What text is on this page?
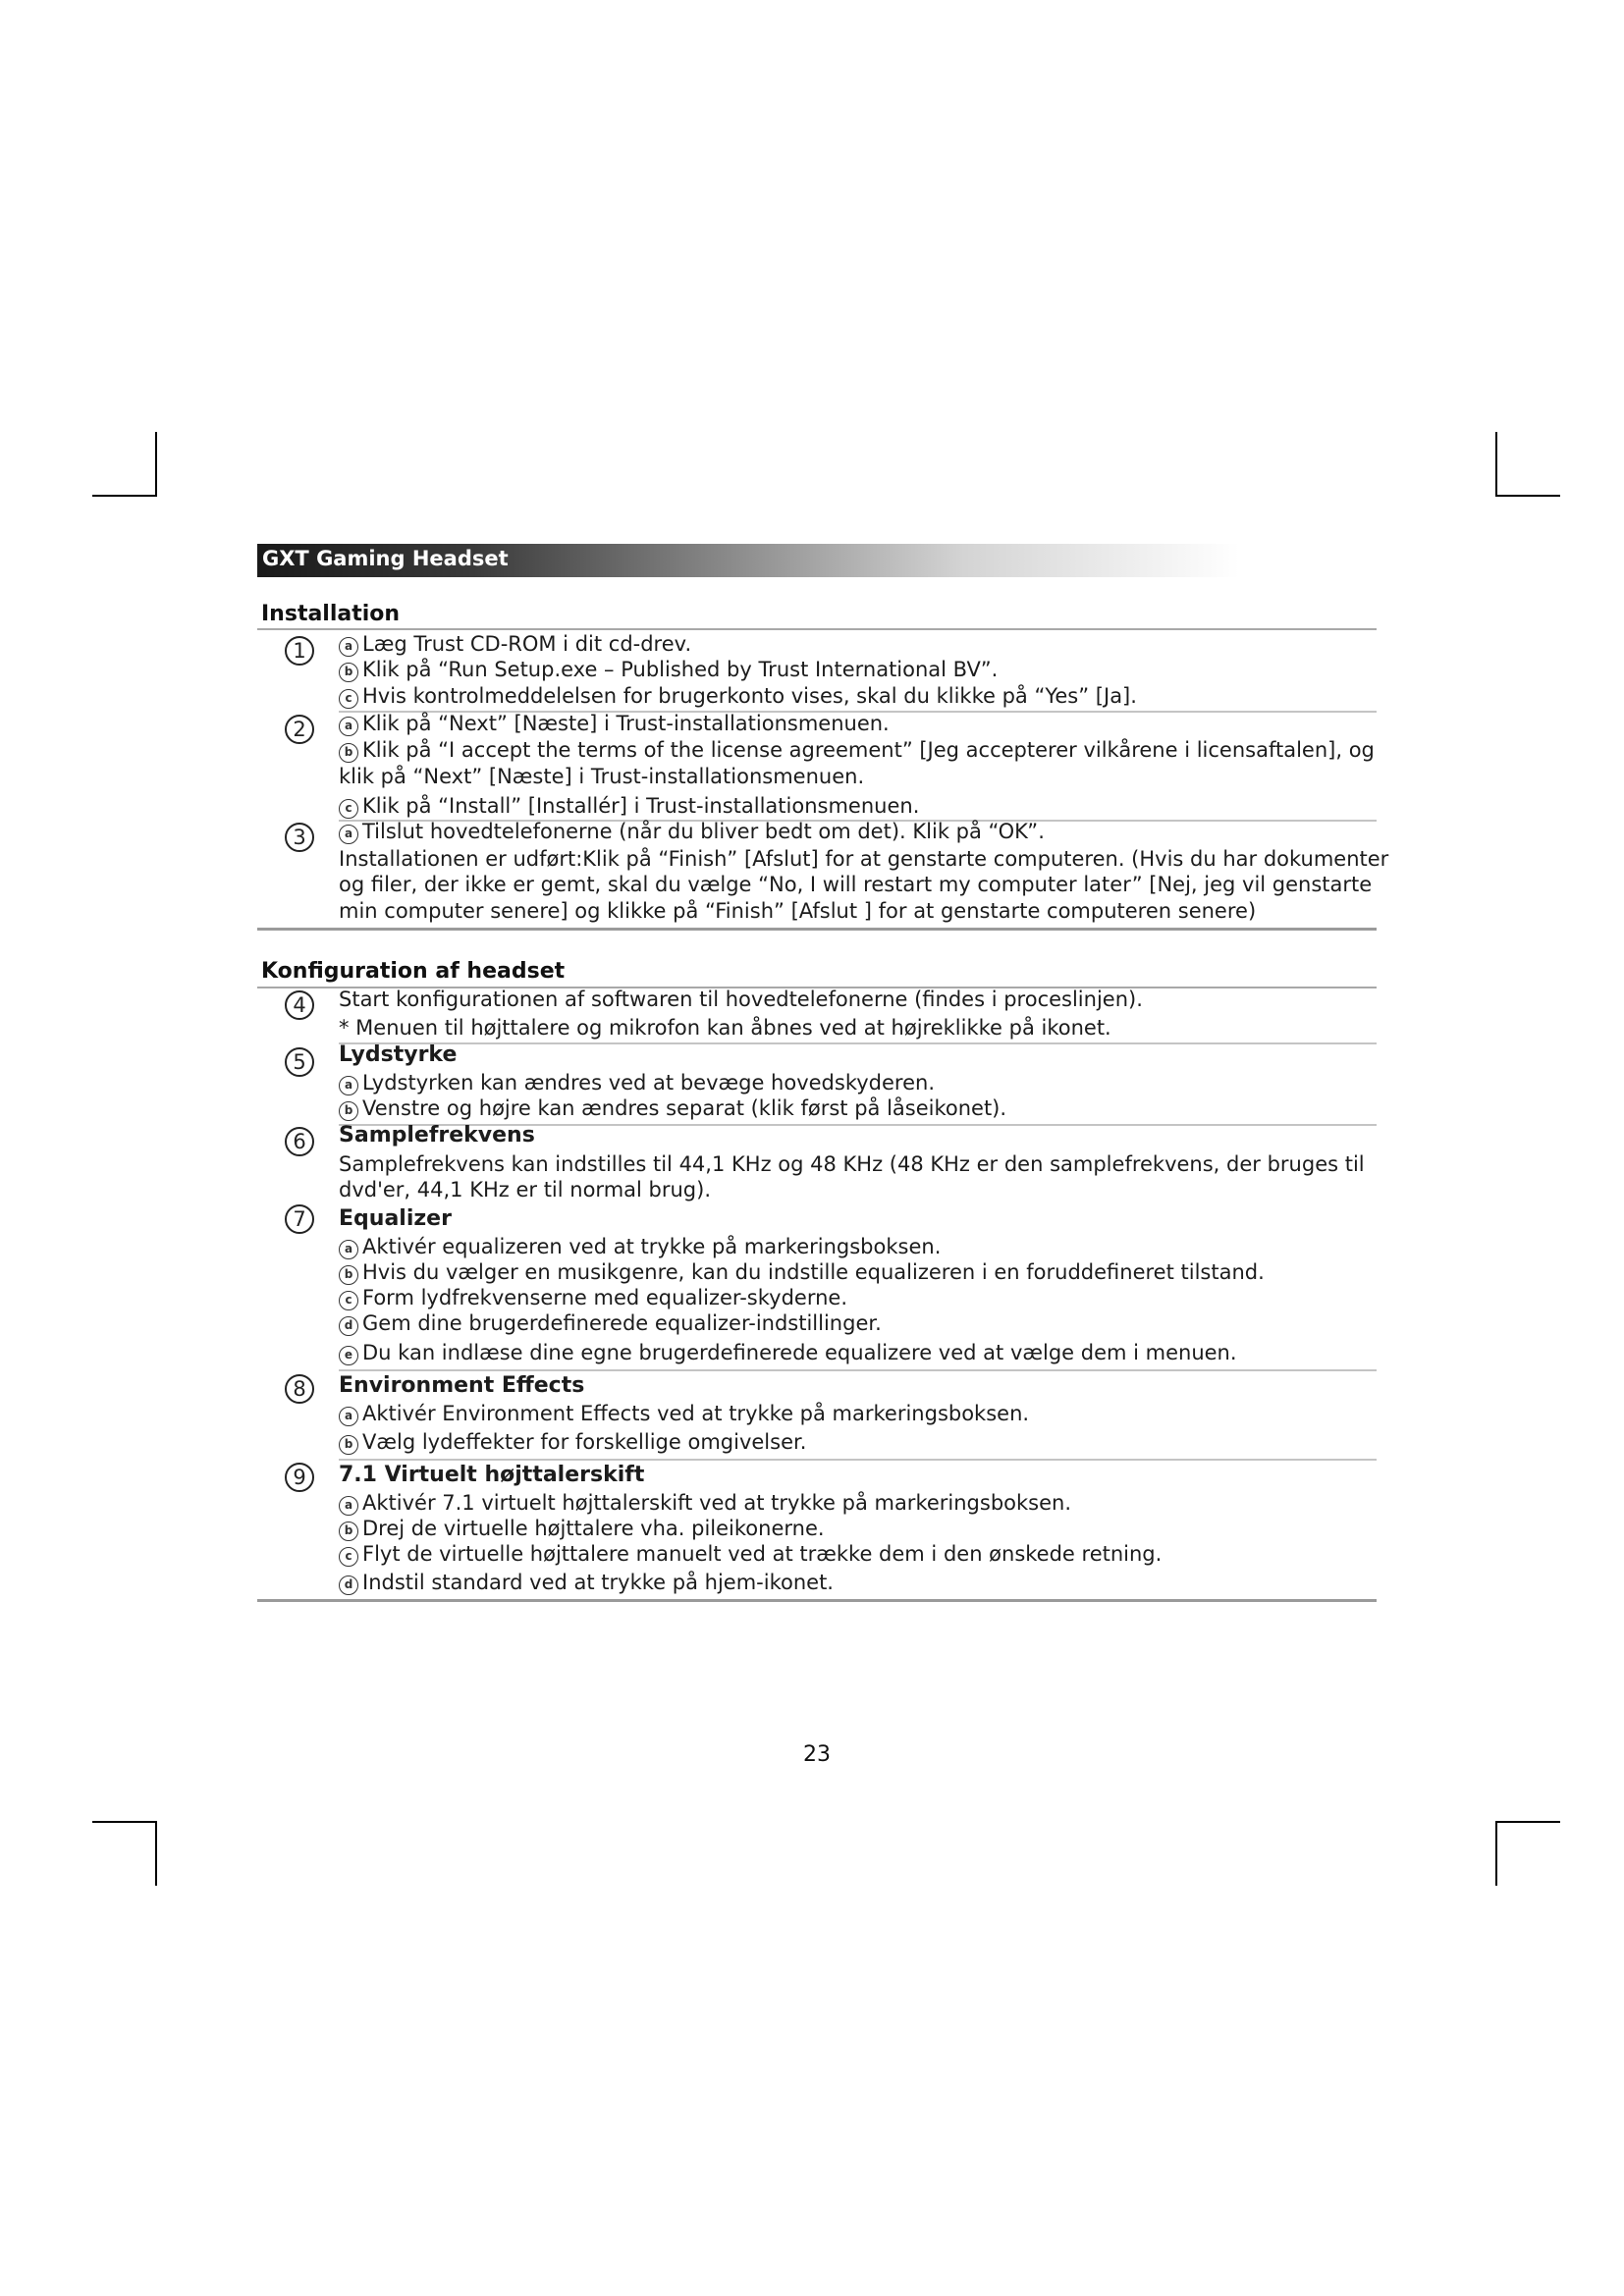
GXT Gaming Headset
Installation
1	a Læg Trust CD-ROM i dit cd-drev.
b Klik på “Run Setup.exe – Published by Trust International BV”.
c Hvis kontrolmeddelelsen for brugerkonto vises, skal du klikke på “Yes” [Ja].
2	a Klik på “Next” [Næste] i Trust-installationsmenuen.
b Klik på “I accept the terms of the license agreement” [Jeg accepterer vilkårene i licensaftalen], og
klik på “Next” [Næste] i Trust-installationsmenuen.
c Klik på “Install” [Installér] i Trust-installationsmenuen.
3	a Tilslut hovedtelefonerne (når du bliver bedt om det). Klik på “OK”.
Installationen er udført:Klik på “Finish” [Afslut] for at genstarte computeren. (Hvis du har dokumenter
og filer, der ikke er gemt, skal du vælge “No, I will restart my computer later” [Nej, jeg vil genstarte
min computer senere] og klikke på “Finish” [Afslut ] for at genstarte computeren senere)
Konfiguration af headset
4	Start konfigurationen af softwaren til hovedtelefonerne (findes i proceslinjen).
* Menuen til højttalere og mikrofon kan åbnes ved at højreklikke på ikonet.
5	Lydstyrke
a Lydstyrken kan ændres ved at bevæge hovedskyderen.
b Venstre og højre kan ændres separat (klik først på låseikonet).
6	Samplefrekvens
Samplefrekvens kan indstilles til 44,1 KHz og 48 KHz (48 KHz er den samplefrekvens, der bruges til
dvd'er, 44,1 KHz er til normal brug).
7	Equalizer
a Aktivér equalizeren ved at trykke på markeringsboksen.
b Hvis du vælger en musikgenre, kan du indstille equalizeren i en foruddefineret tilstand.
c Form lydfrekvenserne med equalizer-skyderne.
d Gem dine brugerdefinerede equalizer-indstillinger.
e Du kan indlæse dine egne brugerdefinerede equalizere ved at vælge dem i menuen.
8	Environment Effects
a Aktivér Environment Effects ved at trykke på markeringsboksen.
b Vælg lydeffekter for forskellige omgivelser.
9	7.1 Virtuelt højttalerskift
a Aktivér 7.1 virtuelt højttalerskift ved at trykke på markeringsboksen.
b Drej de virtuelle højttalere vha. pileikonerne.
c Flyt de virtuelle højttalere manuelt ved at trække dem i den ønskede retning.
d Indstil standard ved at trykke på hjem-ikonet.
23
